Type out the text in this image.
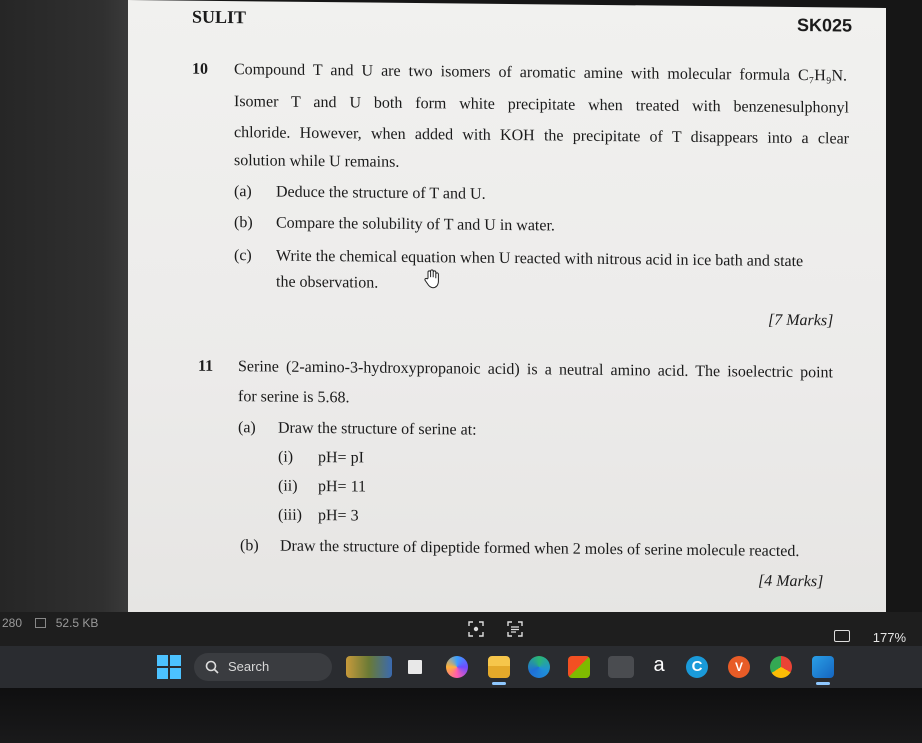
SULIT	SK025
10 Compound T and U are two isomers of aromatic amine with molecular formula C₇H₉N.
Isomer T and U both form white precipitate when treated with benzenesulphonyl
chloride. However, when added with KOH the precipitate of T disappears into a clear
solution while U remains.
(a) Deduce the structure of T and U.
(b) Compare the solubility of T and U in water.
(c) Write the chemical equation when U reacted with nitrous acid in ice bath and state
the observation.
[7 Marks]
11 Serine (2-amino-3-hydroxypropanoic acid) is a neutral amino acid. The isoelectric point
for serine is 5.68.
(a) Draw the structure of serine at:
(i) pH= pI
(ii) pH= 11
(iii) pH= 3
(b) Draw the structure of dipeptide formed when 2 moles of serine molecule reacted.
[4 Marks]
280	52.5 KB
177%
Search	a	C	V
